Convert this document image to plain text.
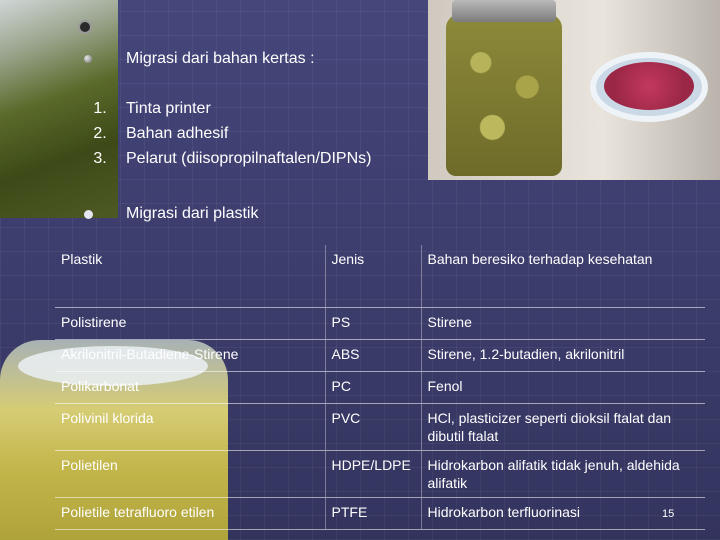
Migrasi dari bahan kertas :
1.	Tinta printer
2.	Bahan adhesif
3.	Pelarut (diisopropilnaftalen/DIPNs)
Migrasi dari plastik
Plastik	Jenis	Bahan beresiko terhadap kesehatan
Polistirene	PS	Stirene
Akrilonitril-Butadiene-Stirene	ABS	Stirene, 1.2-butadien, akrilonitril
Polikarbonat	PC	Fenol
Polivinil klorida	PVC	HCl, plasticizer seperti dioksil ftalat dan dibutil ftalat
Polietilen	HDPE/LDPE	Hidrokarbon alifatik tidak jenuh, aldehida alifatik
Polietile tetrafluoro etilen	PTFE	Hidrokarbon terfluorinasi	15
